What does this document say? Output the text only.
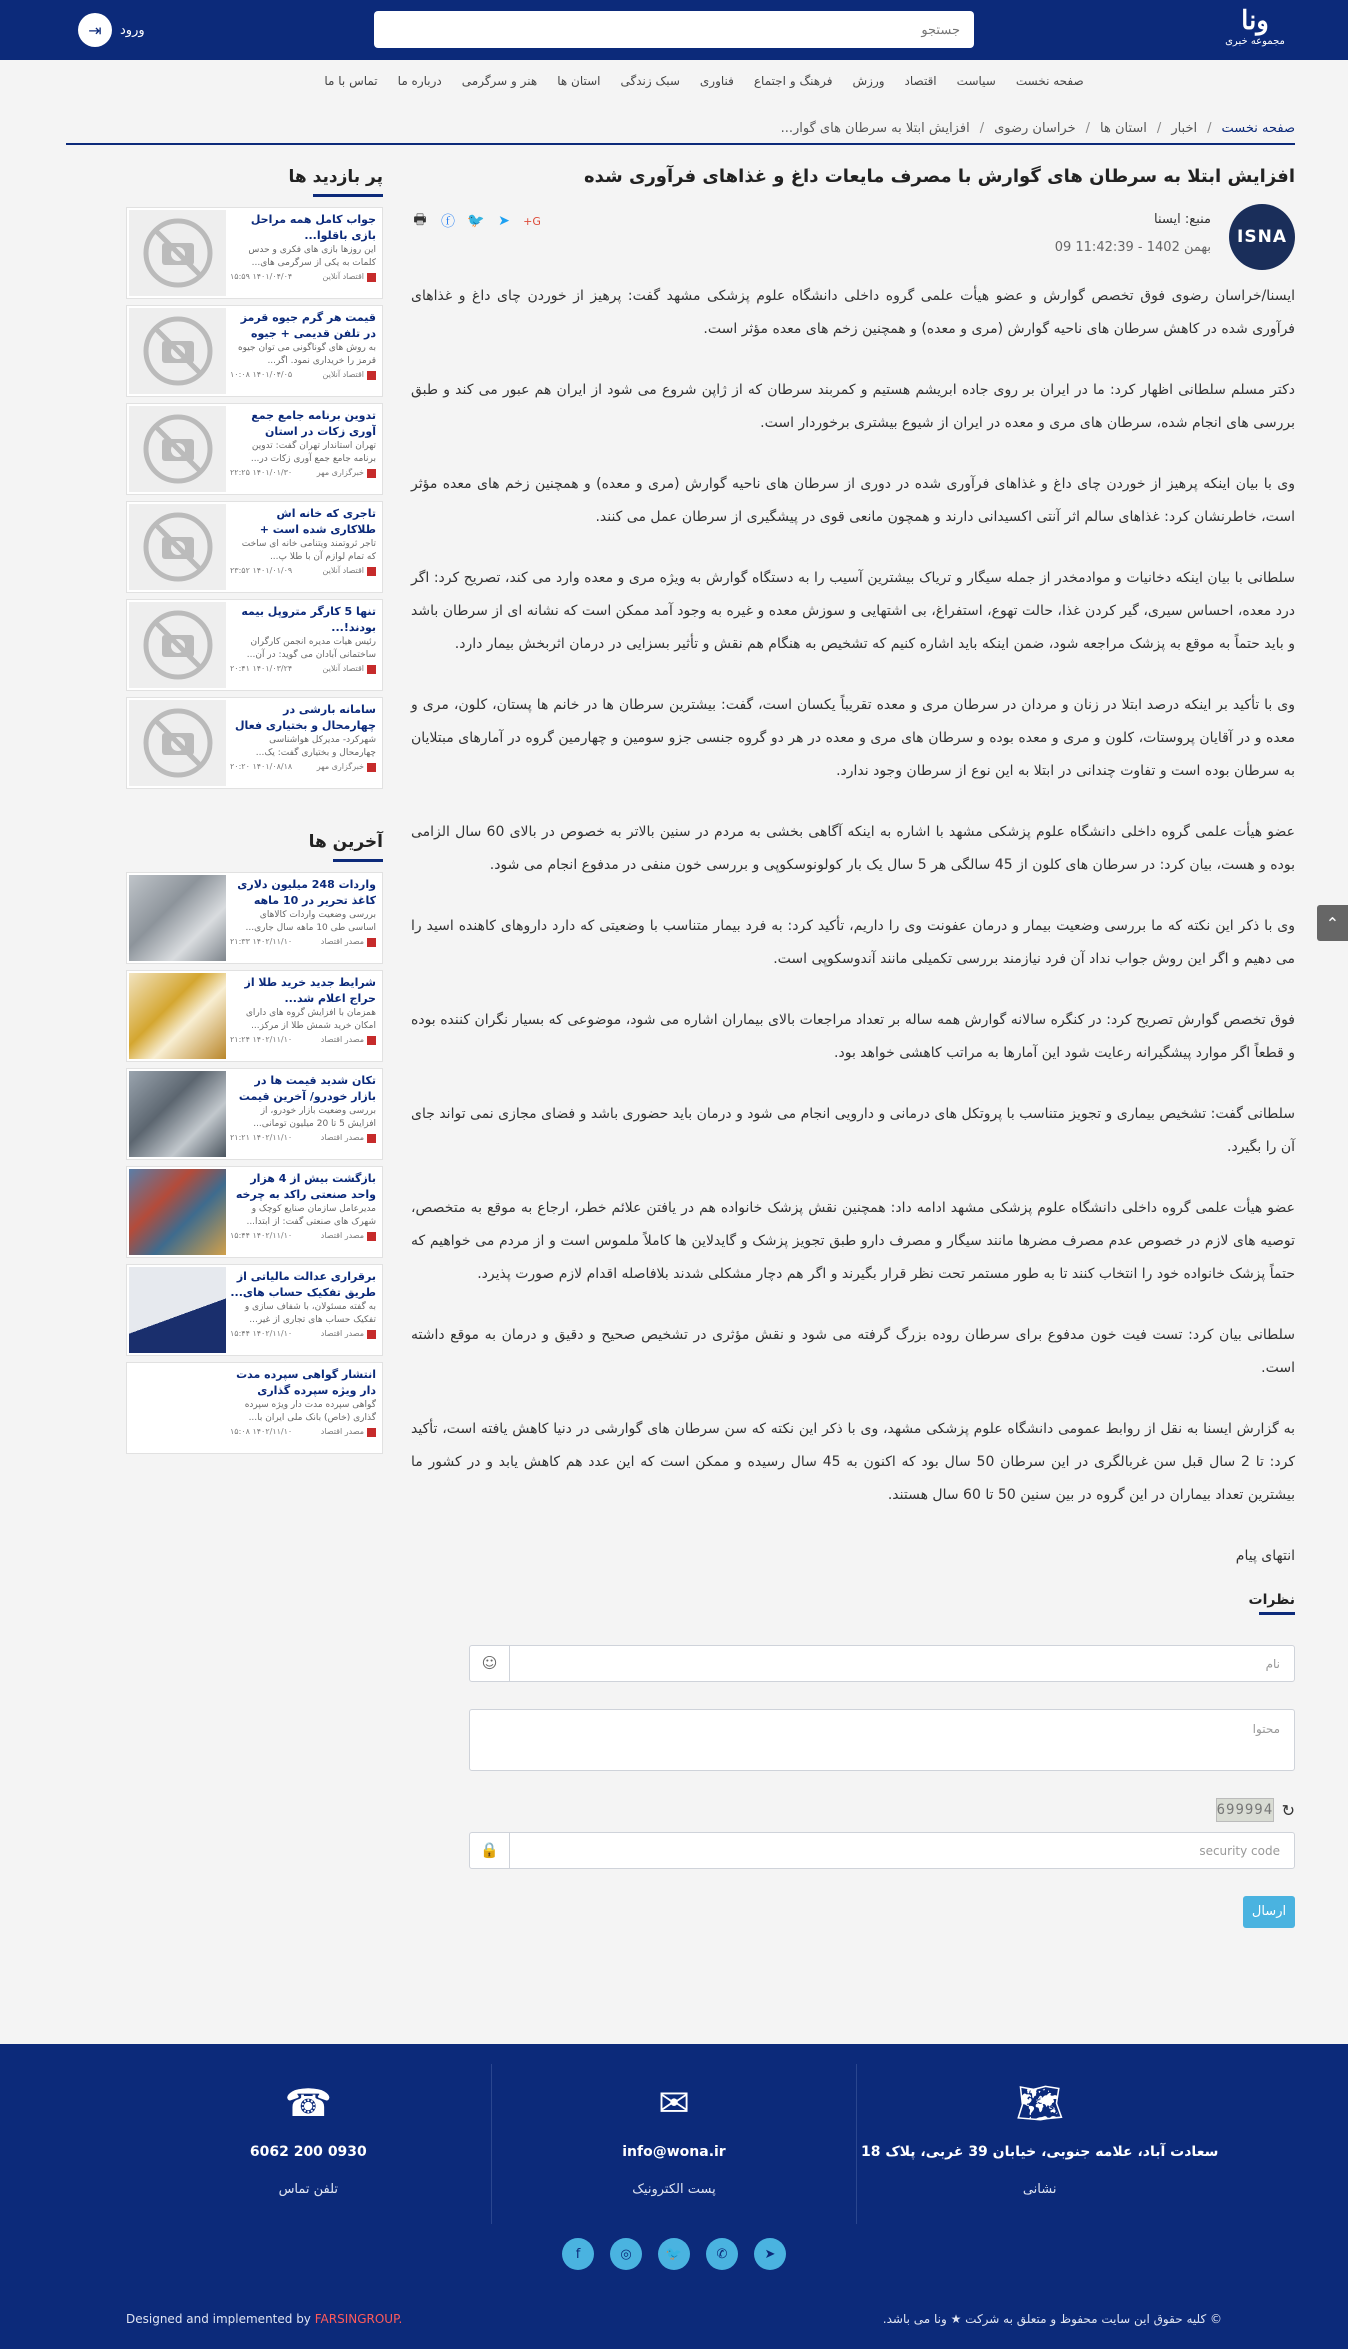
ونا
مجموعه خبری
جستجو
⇥	ورود
صفحه نخست
سیاست
اقتصاد
ورزش
فرهنگ و اجتماع
فناوری
سبک زندگی
استان ها
هنر و سرگرمی
درباره ما
تماس با ما
صفحه نخست
/
اخبار
/
استان ها
/
خراسان رضوی
/
افزایش ابتلا به سرطان های گوار...
افزایش ابتلا به سرطان های گوارش با مصرف مایعات داغ و غذاهای فرآوری شده
ISNA
منبع: ایسنا
09 بهمن 1402 - 11:42:39
🖶 ⓕ 🐦 ➤ G+

ایسنا/خراسان رضوی فوق تخصص گوارش و عضو هیأت علمی گروه داخلی دانشگاه علوم پزشکی مشهد گفت: پرهیز از خوردن چای داغ و غذاهای فرآوری شده در کاهش سرطان های ناحیه گوارش (مری و معده) و همچنین زخم های معده مؤثر است.

دکتر مسلم سلطانی اظهار کرد: ما در ایران بر روی جاده ابریشم هستیم و کمربند سرطان که از ژاپن شروع می شود از ایران هم عبور می کند و طبق بررسی های انجام شده، سرطان های مری و معده در ایران از شیوع بیشتری برخوردار است.

وی با بیان اینکه پرهیز از خوردن چای داغ و غذاهای فرآوری شده در دوری از سرطان های ناحیه گوارش (مری و معده) و همچنین زخم های معده مؤثر است، خاطرنشان کرد: غذاهای سالم اثر آنتی اکسیدانی دارند و همچون مانعی قوی در پیشگیری از سرطان عمل می کنند.

سلطانی با بیان اینکه دخانیات و موادمخدر از جمله سیگار و تریاک بیشترین آسیب را به دستگاه گوارش به ویژه مری و معده وارد می کند، تصریح کرد: اگر درد معده، احساس سیری، گیر کردن غذا، حالت تهوع، استفراغ، بی اشتهایی و سوزش معده و غیره به وجود آمد ممکن است که نشانه ای از سرطان باشد و باید حتماً به موقع به پزشک مراجعه شود، ضمن اینکه باید اشاره کنیم که تشخیص به هنگام هم نقش و تأثیر بسزایی در درمان اثربخش بیمار دارد.

وی با تأکید بر اینکه درصد ابتلا در زنان و مردان در سرطان مری و معده تقریباً یکسان است، گفت: بیشترین سرطان ها در خانم ها پستان، کلون، مری و معده و در آقایان پروستات، کلون و مری و معده بوده و سرطان های مری و معده در هر دو گروه جنسی جزو سومین و چهارمین گروه در آمارهای مبتلایان به سرطان بوده است و تفاوت چندانی در ابتلا به این نوع از سرطان وجود ندارد.

عضو هیأت علمی گروه داخلی دانشگاه علوم پزشکی مشهد با اشاره به اینکه آگاهی بخشی به مردم در سنین بالاتر به خصوص در بالای 60 سال الزامی بوده و هست، بیان کرد: در سرطان های کلون از 45 سالگی هر 5 سال یک بار کولونوسکوپی و بررسی خون منفی در مدفوع انجام می شود.

وی با ذکر این نکته که ما بررسی وضعیت بیمار و درمان عفونت وی را داریم، تأکید کرد: به فرد بیمار متناسب با وضعیتی که دارد داروهای کاهنده اسید را می دهیم و اگر این روش جواب نداد آن فرد نیازمند بررسی تکمیلی مانند آندوسکوپی است.

فوق تخصص گوارش تصریح کرد: در کنگره سالانه گوارش همه ساله بر تعداد مراجعات بالای بیماران اشاره می شود، موضوعی که بسیار نگران کننده بوده و قطعاً اگر موارد پیشگیرانه رعایت شود این آمارها به مراتب کاهشی خواهد بود.

سلطانی گفت: تشخیص بیماری و تجویز متناسب با پروتکل های درمانی و دارویی انجام می شود و درمان باید حضوری باشد و فضای مجازی نمی تواند جای آن را بگیرد.

عضو هیأت علمی گروه داخلی دانشگاه علوم پزشکی مشهد ادامه داد: همچنین نقش پزشک خانواده هم در یافتن علائم خطر، ارجاع به موقع به متخصص، توصیه های لازم در خصوص عدم مصرف مضرها مانند سیگار و مصرف دارو طبق تجویز پزشک و گایدلاین ها کاملاً ملموس است و از مردم می خواهیم که حتماً پزشک خانواده خود را انتخاب کنند تا به طور مستمر تحت نظر قرار بگیرند و اگر هم دچار مشکلی شدند بلافاصله اقدام لازم صورت پذیرد.

سلطانی بیان کرد: تست فیت خون مدفوع برای سرطان روده بزرگ گرفته می شود و نقش مؤثری در تشخیص صحیح و دقیق و درمان به موقع داشته است.

به گزارش ایسنا به نقل از روابط عمومی دانشگاه علوم پزشکی مشهد، وی با ذکر این نکته که سن سرطان های گوارشی در دنیا کاهش یافته است، تأکید کرد: تا 2 سال قبل سن غربالگری در این سرطان 50 سال بود که اکنون به 45 سال رسیده و ممکن است که این عدد هم کاهش یابد و در کشور ما بیشترین تعداد بیماران در این گروه در بین سنین 50 تا 60 سال هستند.

انتهای پیام

نظرات
نام
☺
محتوا
↻
699994
security code
🔒
ارسال
پر بازدید ها
جواب کامل همه مراحل بازی باقلوا...
این روزها بازی های فکری و حدس کلمات به یکی از سرگرمی های...
اقتصاد آنلاین
۱۴۰۱/۰۴/۰۴ ۱۵:۵۹
قیمت هر گرم جیوه قرمز در تلفن قدیمی + جیوه
به روش های گوناگونی می توان جیوه قرمز را خریداری نمود. اگر...
اقتصاد آنلاین
۱۴۰۱/۰۴/۰۵ ۱۰:۰۸
تدوین برنامه جامع جمع آوری زکات در استان
تهران استاندار تهران گفت: تدوین برنامه جامع جمع آوری زکات در...
خبرگزاری مهر
۱۴۰۱/۰۱/۳۰ ۲۲:۲۵
تاجری که خانه اش طلاکاری شده است +
تاجر ثروتمند ویتنامی خانه ای ساخت که تمام لوازم آن با طلا پ...
اقتصاد آنلاین
۱۴۰۱/۰۱/۰۹ ۲۳:۵۲
تنها 5 کارگر متروپل بیمه بودند!...
رئیس هیأت مدیره انجمن کارگران ساختمانی آبادان می گوید: در آن...
اقتصاد آنلاین
۱۴۰۱/۰۳/۲۴ ۲۰:۴۱
سامانه بارشی در چهارمحال و بختیاری فعال
شهرکرد- مدیرکل هواشناسی چهارمحال و بختیاری گفت: یک...
خبرگزاری مهر
۱۴۰۱/۰۸/۱۸ ۲۰:۲۰
آخرین ها
واردات 248 میلیون دلاری کاغذ تحریر در 10 ماهه
بررسی وضعیت واردات کالاهای اساسی طی 10 ماهه سال جاری...
مصدر اقتصاد
۱۴۰۲/۱۱/۱۰ ۲۱:۳۳
شرایط جدید خرید طلا از حراج اعلام شد...
همزمان با افزایش گروه های دارای امکان خرید شمش طلا از مرکز...
مصدر اقتصاد
۱۴۰۲/۱۱/۱۰ ۲۱:۲۴
تکان شدید قیمت ها در بازار خودرو/ آخرین قیمت
بررسی وضعیت بازار خودرو، از افزایش 5 تا 20 میلیون تومانی...
مصدر اقتصاد
۱۴۰۲/۱۱/۱۰ ۲۱:۲۱
بازگشت بیش از 4 هزار واحد صنعتی راکد به چرخه
مدیرعامل سازمان صنایع کوچک و شهرک های صنعتی گفت: از ابتدا...
مصدر اقتصاد
۱۴۰۲/۱۱/۱۰ ۱۵:۴۴
برقراری عدالت مالیاتی از طریق تفکیک حساب های...
به گفته مسئولان، با شفاف سازی و تفکیک حساب های تجاری از غیر...
مصدر اقتصاد
۱۴۰۲/۱۱/۱۰ ۱۵:۴۴
انتشار گواهی سپرده مدت دار ویژه سپرده گذاری
گواهی سپرده مدت دار ویژه سپرده گذاری (خاص) بانک ملی ایران با...
مصدر اقتصاد
۱۴۰۲/۱۱/۱۰ ۱۵:۰۸
⌃
🗺
سعادت آباد، علامه جنوبی، خیابان 39 غربی، پلاک 18
نشانی
✉
info@wona.ir
پست الکترونیک
☎
0930 200 6062
تلفن تماس
f	◎	🐦	✆	➤
© کلیه حقوق این سایت محفوظ و متعلق به شرکت ★ ونا می باشد.
Designed and implemented by FARSINGROUP.
